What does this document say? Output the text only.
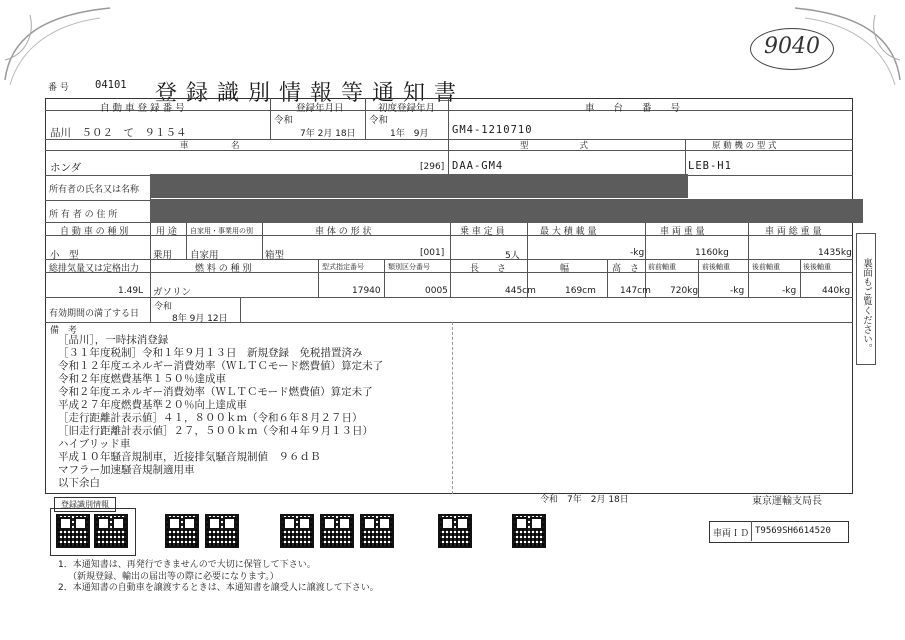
9040
番 号 04101 登録識別情報等通知書
自 動 車 登 録 番 号	登録年月日	初度登録年月	車　　台　　番　　号
品川　５０２　て　９１５４
令和
7年 2月 18日
令和
1年　9月 GM4-1210710
車　　　　　名	型　　　　　　式	原 動 機 の 型 式
ホンダ	[296] DAA-GM4	LEB-H1
所有者の氏名又は名称
所 有 者 の 住 所
自 動 車 の 種 別	用 途 自家用・事業用の別	車 体 の 形 状	乗 車 定 員	最 大 積 載 量	車 両 重 量	車 両 総 重 量
小　型	乗用 自家用	箱型	[001]	5人	-kg	1160kg	1435kg
総排気量又は定格出力	燃 料 の 種 別	型式指定番号	類別区分番号	長　　さ	幅	高　さ 前前軸重	前後軸重	後前軸重	後後軸重
1.49L ガソリン	17940	0005	445cm	169cm	147cm 720kg	-kg	-kg	440kg
有効期間の満了する日
令和
8年 9月 12日
備　考
［品川］，一時抹消登録
［３１年度税制］令和１年９月１３日　新規登録　免税措置済み
令和１２年度エネルギー消費効率（ＷＬＴＣモード燃費値）算定未了
令和２年度燃費基準１５０％達成車
令和２年度エネルギー消費効率（ＷＬＴＣモード燃費値）算定未了
平成２７年度燃費基準２０％向上達成車
［走行距離計表示値］４１，８００ｋｍ（令和６年８月２７日）
［旧走行距離計表示値］２７，５００ｋｍ（令和４年９月１３日）
ハイブリッド車
平成１０年騒音規制車，近接排気騒音規制値　９６ｄＢ
マフラー加速騒音規制適用車
以下余白
裏面もご覧ください。
登録識別情報	令和　7年　2月 18日	東京運輸支局長
車両ＩＤ T9569SH6614520
1．本通知書は、再発行できませんので大切に保管して下さい。
（新規登録、輸出の届出等の際に必要になります。）
2．本通知書の自動車を譲渡するときは、本通知書を譲受人に譲渡して下さい。
